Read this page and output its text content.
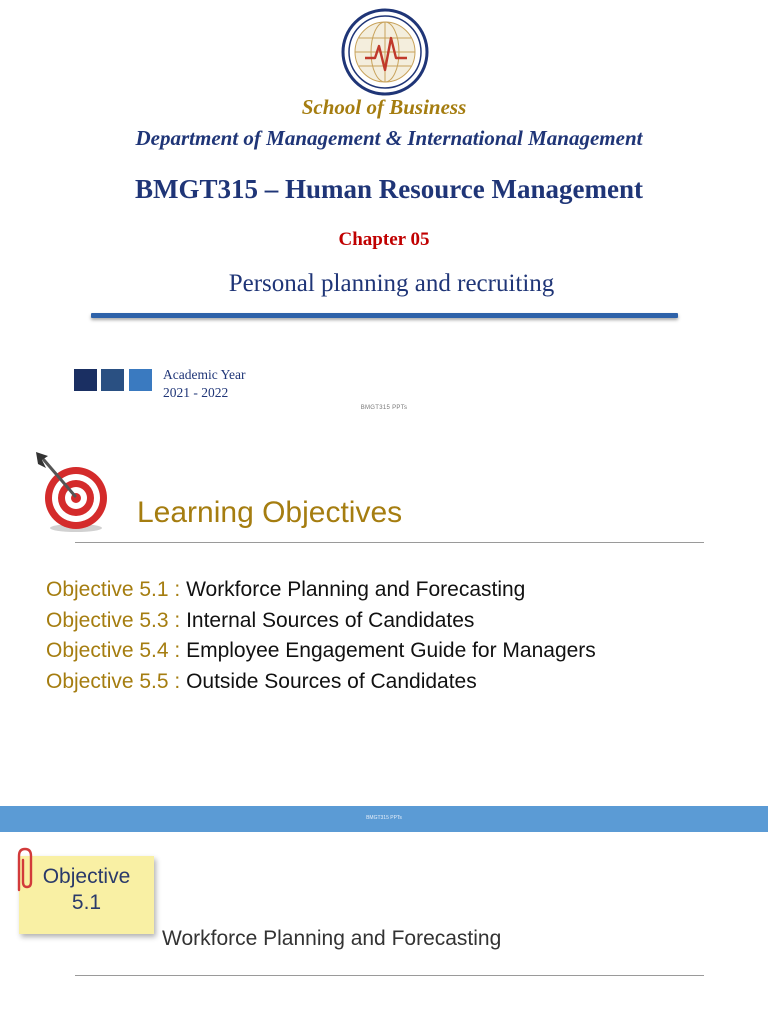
School of Business
Department of Management & International Management
BMGT315 – Human Resource Management
Chapter 05
Personal planning and recruiting
Academic Year
2021 - 2022
BMGT315 PPTs
Learning Objectives
Objective 5.1 : Workforce Planning and Forecasting
Objective 5.3 : Internal Sources of Candidates
Objective 5.4 : Employee Engagement Guide for Managers
Objective 5.5 : Outside Sources of Candidates
BMGT315 PPTs
Objective
5.1
Workforce Planning and Forecasting
